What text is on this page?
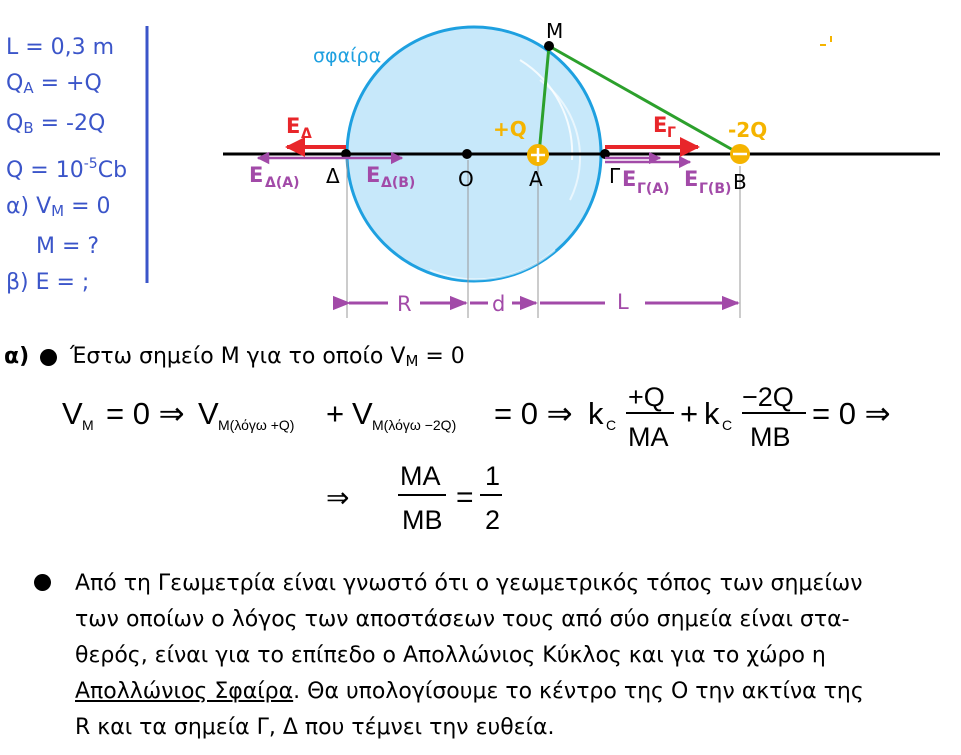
L = 0,3 m
$Q_A = +Q$
$Q_B = -2Q$
$Q = 10^{-5}Cb$
α) $V_M = 0$
M = ?
β) E = ;
σφαίρα
M
Δ	O	A	Γ	B
+Q	-2Q
E Δ	E Γ
E Δ(A)	E Δ(B)	E Γ(A) E Γ(B)
R	d	L
α) Έστω σημείο M για το οποίο $V_M = 0$
V M = 0 ⇒ V M(λόγω +Q) + V M(λόγω −2Q) = 0 ⇒ k C
+Q
MA
+ k C
−2Q
MB
= 0 ⇒
⇒
MA
MB
=
1
2
Από τη Γεωμετρία είναι γνωστό ότι ο γεωμετρικός τόπος των σημείων
των οποίων ο λόγος των αποστάσεων τους από σύο σημεία είναι στα-
θερός, είναι για το επίπεδο ο Απολλώνιος Κύκλος και για το χώρο η
Απολλώνιος Σφαίρα. Θα υπολογίσουμε το κέντρο της O την ακτίνα της
R και τα σημεία Γ, Δ που τέμνει την ευθεία.
